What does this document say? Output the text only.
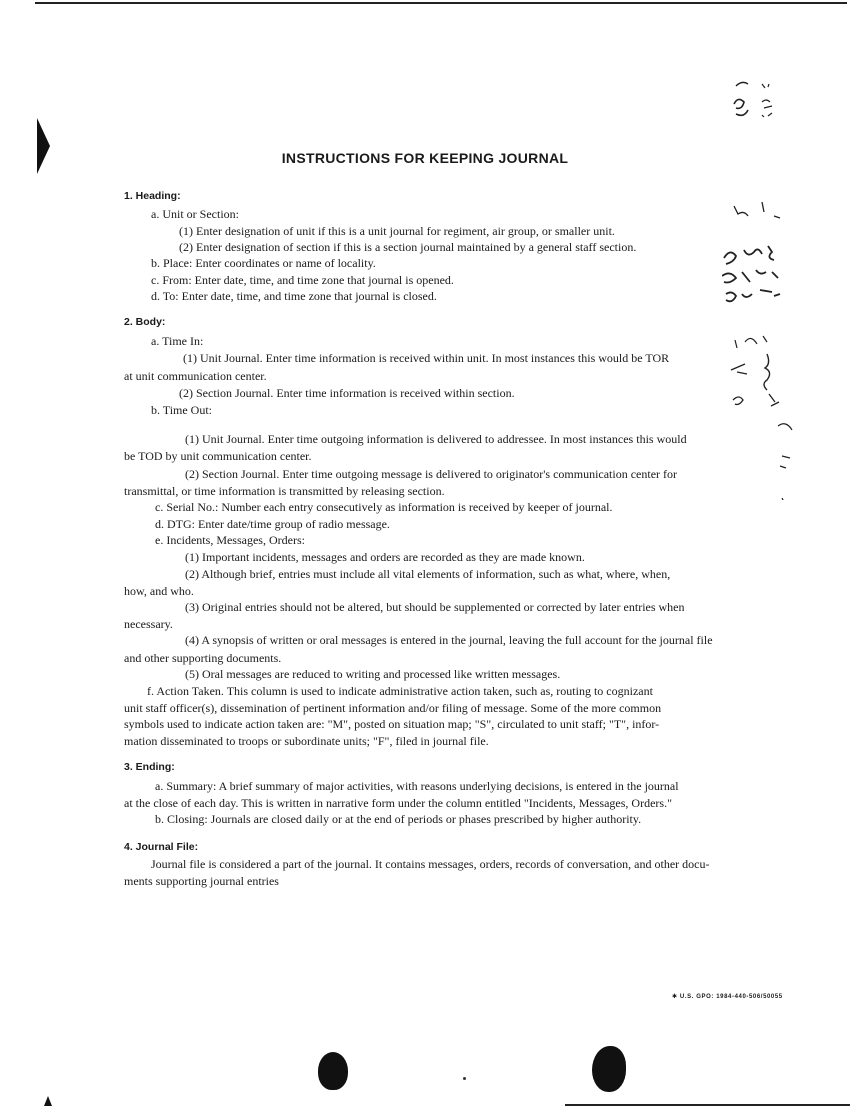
INSTRUCTIONS FOR KEEPING JOURNAL
1. Heading:
a. Unit or Section:
(1) Enter designation of unit if this is a unit journal for regiment, air group, or smaller unit.
(2) Enter designation of section if this is a section journal maintained by a general staff section.
b. Place: Enter coordinates or name of locality.
c. From: Enter date, time, and time zone that journal is opened.
d. To: Enter date, time, and time zone that journal is closed.
2. Body:
a. Time In:
(1) Unit Journal. Enter time information is received within unit. In most instances this would be TOR
at unit communication center.
(2) Section Journal. Enter time information is received within section.
b. Time Out:
(1) Unit Journal. Enter time outgoing information is delivered to addressee. In most instances this would
be TOD by unit communication center.
(2) Section Journal. Enter time outgoing message is delivered to originator's communication center for
transmittal, or time information is transmitted by releasing section.
c. Serial No.: Number each entry consecutively as information is received by keeper of journal.
d. DTG: Enter date/time group of radio message.
e. Incidents, Messages, Orders:
(1) Important incidents, messages and orders are recorded as they are made known.
(2) Although brief, entries must include all vital elements of information, such as what, where, when,
how, and who.
(3) Original entries should not be altered, but should be supplemented or corrected by later entries when
necessary.
(4) A synopsis of written or oral messages is entered in the journal, leaving the full account for the journal file
and other supporting documents.
(5) Oral messages are reduced to writing and processed like written messages.
f. Action Taken. This column is used to indicate administrative action taken, such as, routing to cognizant
unit staff officer(s), dissemination of pertinent information and/or filing of message. Some of the more common
symbols used to indicate action taken are: "M", posted on situation map; "S", circulated to unit staff; "T", infor-
mation disseminated to troops or subordinate units; "F", filed in journal file.
3. Ending:
a. Summary: A brief summary of major activities, with reasons underlying decisions, is entered in the journal
at the close of each day. This is written in narrative form under the column entitled "Incidents, Messages, Orders."
b. Closing: Journals are closed daily or at the end of periods or phases prescribed by higher authority.
4. Journal File:
Journal file is considered a part of the journal. It contains messages, orders, records of conversation, and other docu-
ments supporting journal entries
✱ U.S. GPO: 1984-440-506/50055
